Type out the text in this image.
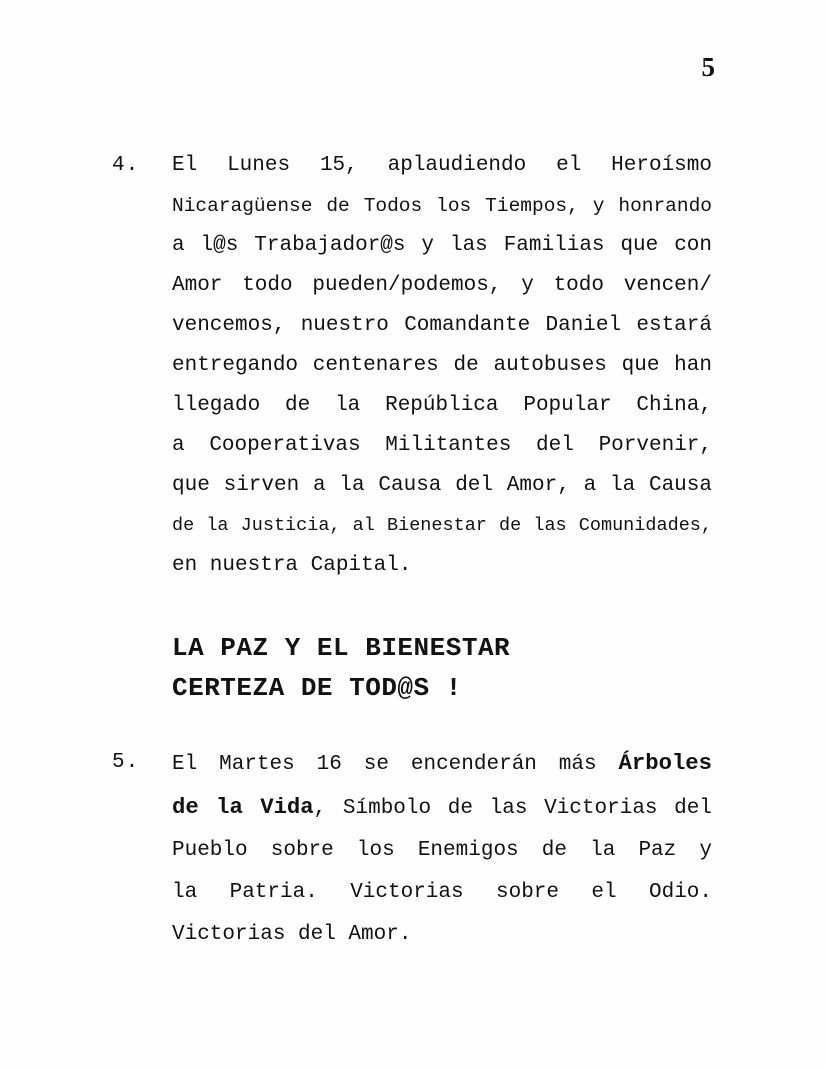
5
4.	El Lunes 15, aplaudiendo el Heroísmo
Nicaragüense de Todos los Tiempos, y honrando
a l@s Trabajador@s y las Familias que con
Amor todo pueden/podemos, y todo vencen/
vencemos, nuestro Comandante Daniel estará
entregando centenares de autobuses que han
llegado de la República Popular China,
a Cooperativas Militantes del Porvenir,
que sirven a la Causa del Amor, a la Causa
de la Justicia, al Bienestar de las Comunidades,
en nuestra Capital.
LA PAZ Y EL BIENESTAR
CERTEZA DE TOD@S !
5.	El Martes 16 se encenderán más Árboles
de la Vida, Símbolo de las Victorias del
Pueblo sobre los Enemigos de la Paz y
la Patria. Victorias sobre el Odio.
Victorias del Amor.
